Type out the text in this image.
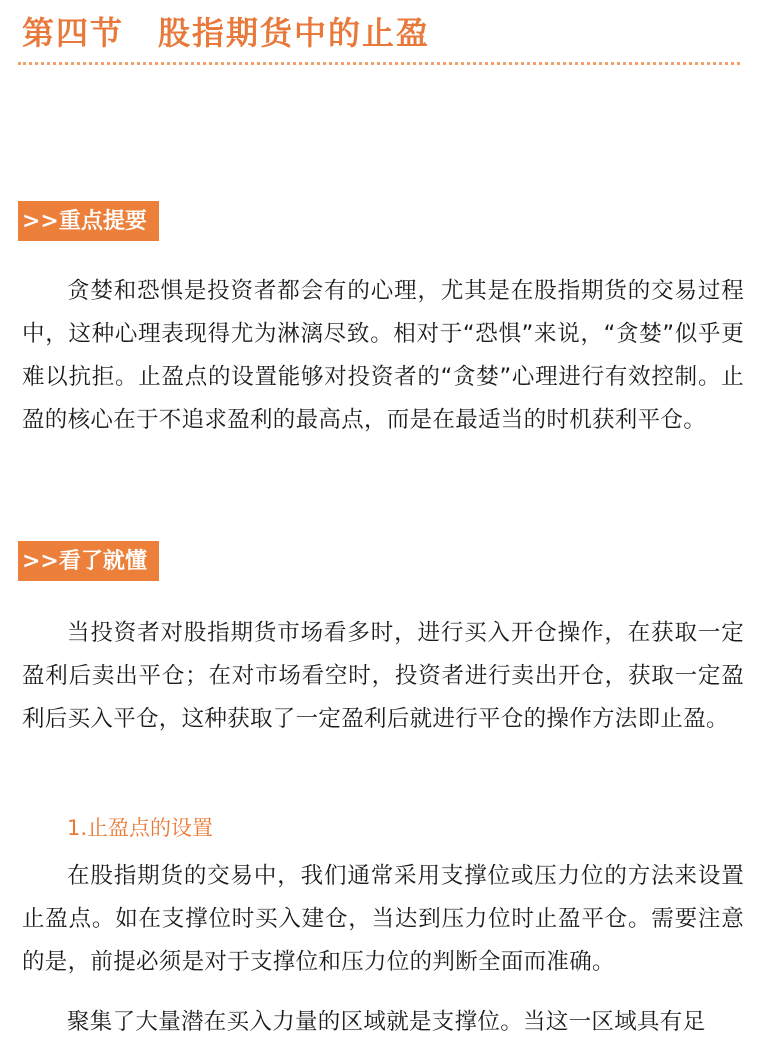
第四节 股指期货中的止盈
>>重点提要

贪婪和恐惧是投资者都会有的心理，尤其是在股指期货的交易过程中，这种心理表现得尤为淋漓尽致。相对于“恐惧”来说，“贪婪”似乎更难以抗拒。止盈点的设置能够对投资者的“贪婪”心理进行有效控制。止盈的核心在于不追求盈利的最高点，而是在最适当的时机获利平仓。

>>看了就懂

当投资者对股指期货市场看多时，进行买入开仓操作，在获取一定盈利后卖出平仓；在对市场看空时，投资者进行卖出开仓，获取一定盈利后买入平仓，这种获取了一定盈利后就进行平仓的操作方法即止盈。

1.止盈点的设置

在股指期货的交易中，我们通常采用支撑位或压力位的方法来设置止盈点。如在支撑位时买入建仓，当达到压力位时止盈平仓。需要注意的是，前提必须是对于支撑位和压力位的判断全面而准确。

聚集了大量潜在买入力量的区域就是支撑位。当这一区域具有足
